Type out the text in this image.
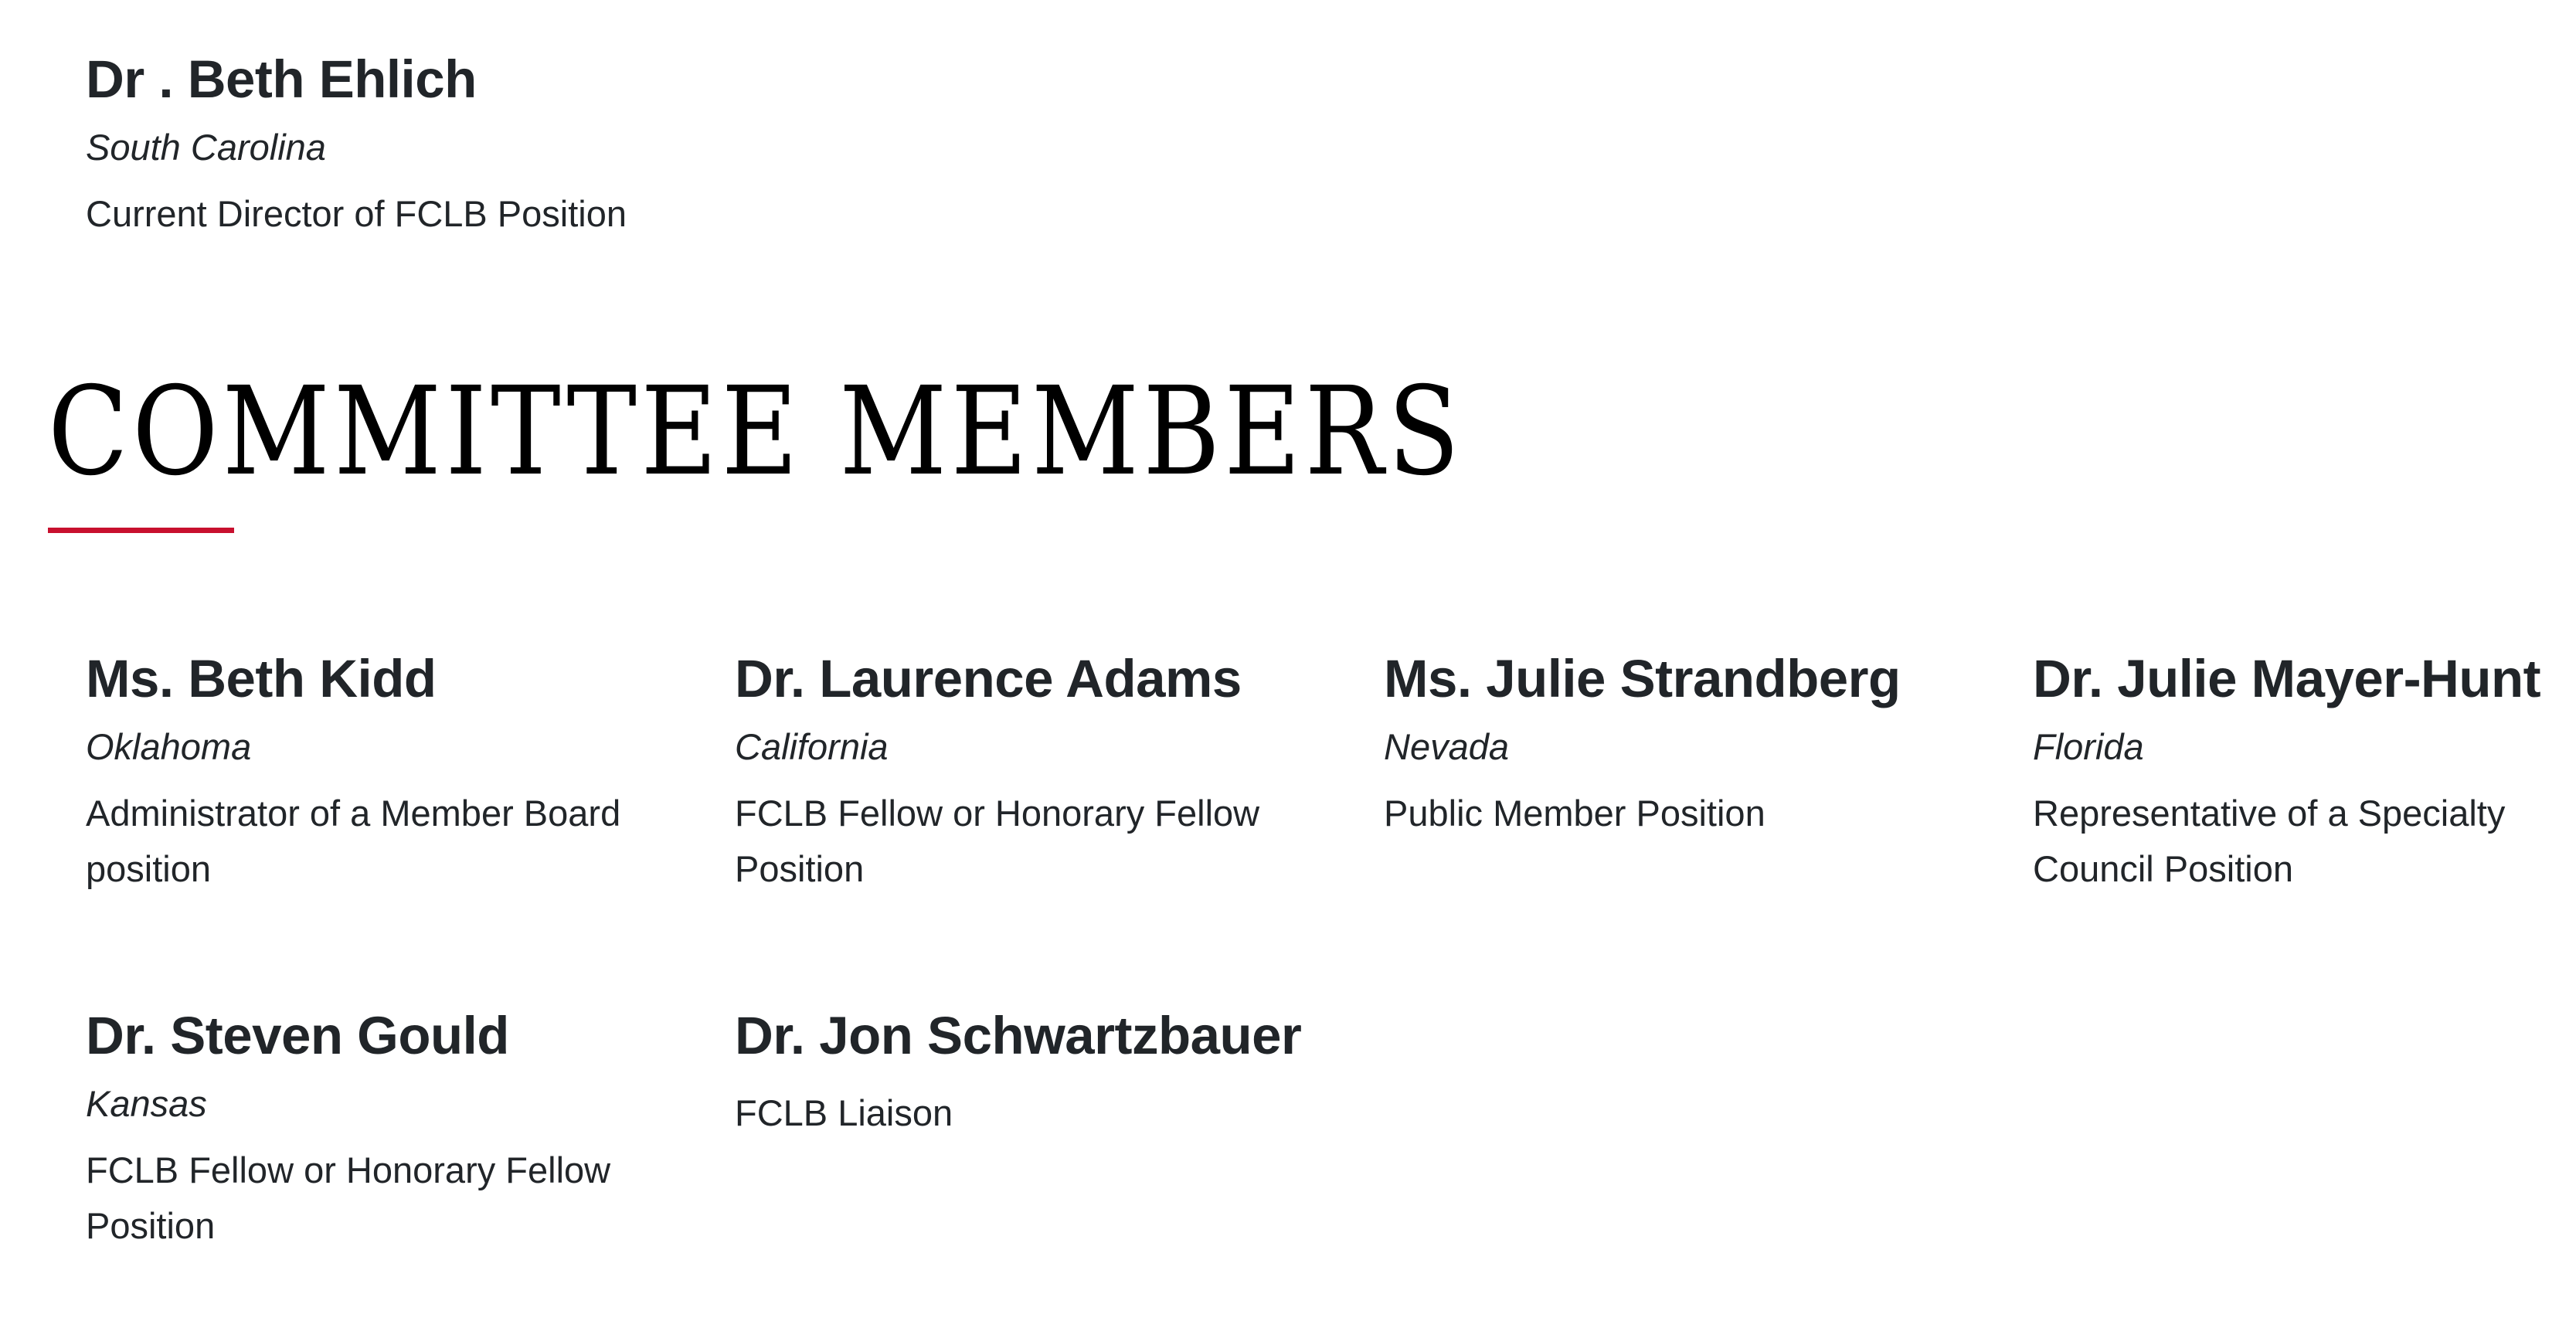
Dr . Beth Ehlich

South Carolina

Current Director of FCLB Position

COMMITTEE MEMBERS
Ms. Beth Kidd

Oklahoma

Administrator of a Member Board position

Dr. Laurence Adams

California

FCLB Fellow or Honorary Fellow Position

Ms. Julie Strandberg

Nevada

Public Member Position

Dr. Julie Mayer-Hunt

Florida

Representative of a Specialty Council Position

Dr. Steven Gould

Kansas

FCLB Fellow or Honorary Fellow Position

Dr. Jon Schwartzbauer

FCLB Liaison
